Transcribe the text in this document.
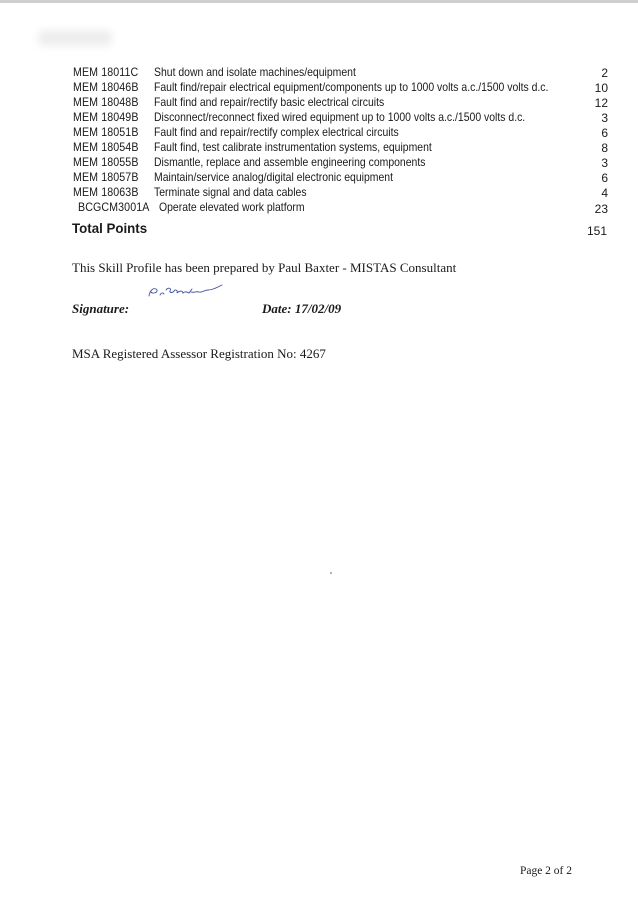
MEM 18011C Shut down and isolate machines/equipment	2
MEM 18046B Fault find/repair electrical equipment/components up to 1000 volts a.c./1500 volts d.c.	10
MEM 18048B Fault find and repair/rectify basic electrical circuits	12
MEM 18049B Disconnect/reconnect fixed wired equipment up to 1000 volts a.c./1500 volts d.c.	3
MEM 18051B Fault find and repair/rectify complex electrical circuits	6
MEM 18054B Fault find, test calibrate instrumentation systems, equipment	8
MEM 18055B Dismantle, replace and assemble engineering components	3
MEM 18057B Maintain/service analog/digital electronic equipment	6
MEM 18063B Terminate signal and data cables	4
BCGCM3001A Operate elevated work platform	23
Total Points	151
This Skill Profile has been prepared by Paul Baxter - MISTAS Consultant
Signature:	Date: 17/02/09
MSA Registered Assessor Registration No: 4267
Page 2 of 2
